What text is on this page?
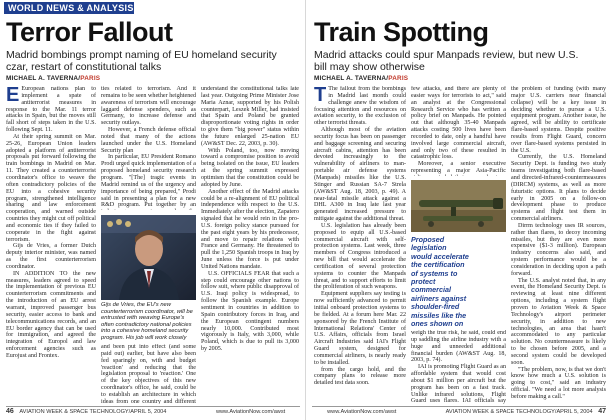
WORLD NEWS & ANALYSIS
Terror Fallout
Madrid bombings prompt naming of EU homeland security czar, restart of constitutional talks
MICHAEL A. TAVERNA/PARIS

E European nations plan to implement a spate of antiterrorist measures in response to the Mar. 11 terror attacks in Spain, but the moves still fall short of steps taken in the U.S. following Sept. 11.

At their spring summit on Mar. 25-26, European Union leaders adopted a platform of antiterrorist proposals put forward following the train bombings in Madrid on Mar. 11. They created a counterterrorist coordinator's office to weave the often contradictory policies of the EU into a cohesive security program, strengthened intelligence sharing and law enforcement cooperation, and warned outside countries they might cut off political and economic ties if they failed to cooperate in the fight against terrorism.

Gijs de Vries, a former Dutch deputy interior minister, was named as the first counterterrorism coordinator.

IN ADDITION TO the new measures, leaders agreed to speed the implementation of previous EU counterterrorism commitments and the introduction of an EU arrest warrant, improved passenger bus security, easier access to bank and telecommunications records, and an EU border agency that can be used for immigration, and agreed the integration of Europol and law enforcement agencies such as Eurojust and Frontex.

ties related to terrorism. And it remains to be seen whether heightened awareness of terrorism will encourage laggard defense spenders, such as Germany, to increase defense and security outlays.

However, a French defense official noted that many of the actions launched under the U.S. Homeland Security plan

In particular, EU President Romano Prodi urged quick implementation of a proposed homeland security research program. "[The] tragic events in Madrid remind us of the urgency and importance of being prepared," Prodi said in presenting a plan for a new R&D program. Put together by an

Gijs de Vries, the EU's new counterterrorism coordinator, will be entrusted with weaving Europe's often contradictory national policies into a cohesive homeland security program. His job will work closely

and been put into effect (and some paid out) earlier, but have also been fed sparingly on, with and budget 'reaction' and reducing that the legislation proposal to 'reaction.' One of the key objectives of this new coordinator's office, he said, could be to establish an architecture in which ideas from one country and different

understand the constitutional talks late last year. Outgoing Prime Minister Jose Maria Aznar, supported by his Polish counterpart, Leszek Miller, had insisted that Spain and Poland be granted disproportionate voting rights in order to give them "big power" status within the future enlarged 25-nation EU (AW&ST Dec. 22, 2003, p. 30).

With Poland, too, now moving toward a compromise position to avoid being isolated on the issue, EU leaders at the spring summit expressed optimism that the constitution could be adopted by June.

Another effect of the Madrid attacks could be a re-alignment of EU political independence with respect to the U.S. Immediately after the election, Zapatero signaled that he would rein in the pro-U.S. foreign policy stance pursued for the past eight years by his predecessor, and move to repair relations with France and Germany. He threatened to pull the 1,250 Spanish troops in Iraq by June unless the force is put under United Nations mandate.

U.S. OFFICIALS FEAR that such a step could encourage other nations to follow suit, where public disapproval of U.S. Iraqi policy is widespread, to follow the Spanish example. Europe sentiment in countries in addition to Spain contributory forces in Iraq, and the European contingent numbers nearly 10,000. Contributed most vigorously is Italy, with 3,000, while Poland, which is due to pull its 3,000 by 2005.

46 AVIATION WEEK & SPACE TECHNOLOGY/APRIL 5, 2004	www.AviationNow.com/awst
Train Spotting
Madrid attacks could spur Manpads review, but new U.S. bill may show otherwise
MICHAEL A. TAVERNA/PARIS

T The fallout from the bombings in Madrid last month could challenge anew the wisdom of focusing attention and resources on aviation security, to the exclusion of other terrorist threats.

Although most of the aviation security focus has been on passenger and baggage screening and securing aircraft cabins, attention has been devoted increasingly to the vulnerability of airliners to man-portable air defense systems (Manpads) missiles like the U.S. Stinger and Russian SA-7 Strela (AW&ST Aug. 18, 2003, p. 49). A near-fatal missile attack against a DHL A300 in Iraq late last year generated increased pressure to mitigate against the additional threat.

U.S. legislation has already been proposed to equip all U.S.-based commercial aircraft with self-protection systems. Last week, three members of Congress introduced a new bill that would accelerate the certification of several protection systems to counter the Manpads threat, and to support efforts to limit the proliferation of such weapons.

Equipment suppliers say testing is now sufficiently advanced to permit initial onboard protection systems to be fielded. At a forum here Mar. 22 sponsored by the French Institute of International Relations' Center of U.S. Affairs, officials from Israel Aircraft Industries said IAI's Flight Guard system, designed for commercial airliners, is nearly ready to be installed.

from the cargo hold, and the company plans to release more detailed test data soon.

few attacks, and there are plenty of easier ways for terrorists to act," said an analyst at the Congressional Research Service who has written a policy brief on Manpads. He pointed out that although 35-40 Manpads attacks costing 500 lives have been recorded to date, only a handful have involved large commercial aircraft, and only two of these resulted in catastrophic loss.

Moreover, a senior executive representing a major Asia-Pacific

Proposed legislation would accelerate the certification of systems to protect commercial airliners against shoulder-fired missiles like the ones shown on

weigh the true risk, he said, could end up saddling the airline industry with a huge and unneeded additional financial burden (AW&ST Aug. 18, 2003, p. 74).

IAI is promoting Flight Guard as an affordable system that would cost about $1 million per aircraft but the program has been on a fast track. Unlike infrared solutions, Flight Guard uses flares. IAI officials say

the problem of funding (with many major U.S. carriers near financial collapse) will be a key issue in deciding whether to pursue a U.S. equipment program. Another issue, he agreed, will be ability to certificate flare-based systems. Despite positive results from Flight Guard, concern over flare-based systems persisted in the U.S.

Currently, the U.S. Homeland Security Dept. is funding two study teams investigating both flare-based and directed-infrared-countermeasures (DIRCM) systems, as well as more futuristic options. It plans to decide early in 2005 on a follow-on development phase to produce systems and flight test them in commercial airliners.

Dirrm technology uses IR sources, rather than flares, to decoy incoming missiles, but they are even more expensive ($1-3 million). European industry concerns also said, and system performance would be a consideration in deciding upon a path forward.

The U.S. analyst noted that, in any event, the Homeland Security Dept. is reviewing at least nine different options, including a system flight proven to Aviation Week & Space Technology's airport perimeter security, in addition to new technologies, an area that hasn't accommodated to any particular solution. No countermeasure is likely to be chosen before 2005, and a second system could be developed soon.

"The problem, now, is that we don't know how much a U.S. solution is going to cost," said an industry official. "We need a lot more analysis before making a call."

www.AviationNow.com/awst	AVIATION WEEK & SPACE TECHNOLOGY/APRIL 5, 2004 47
